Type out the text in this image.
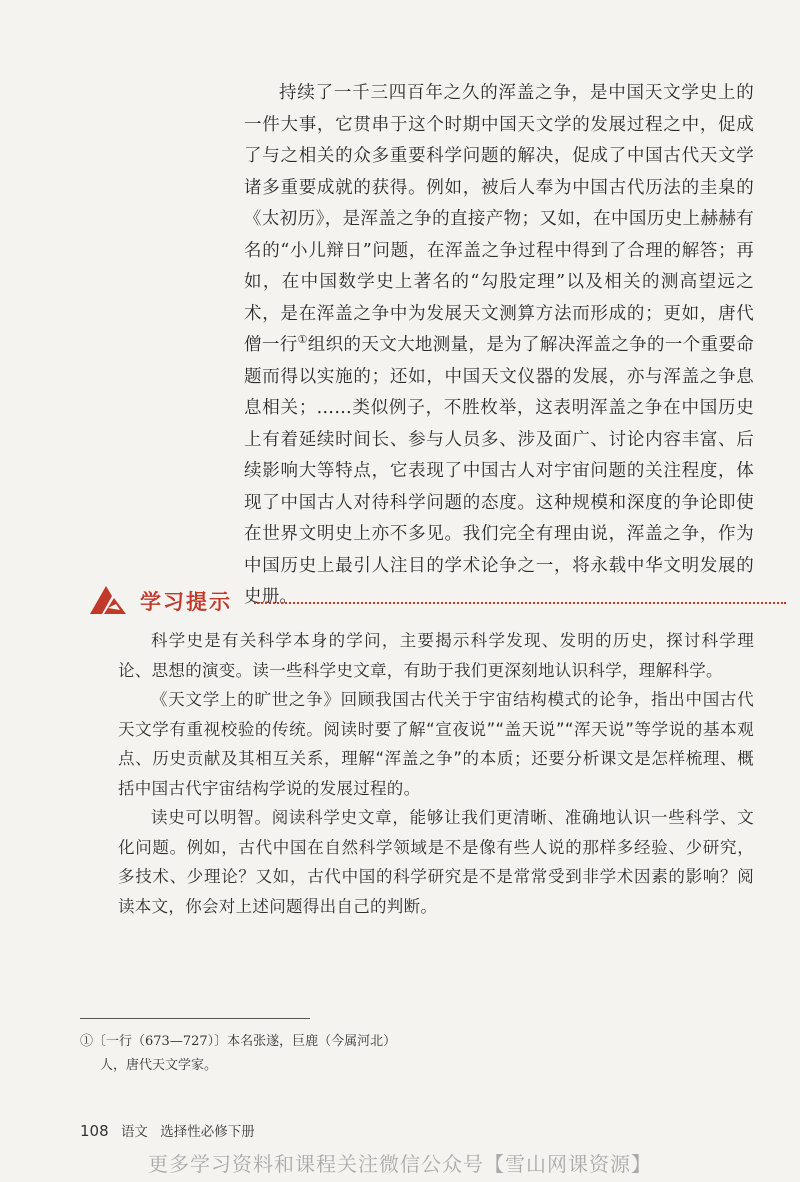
持续了一千三四百年之久的浑盖之争，是中国天文学史上的一件大事，它贯串于这个时期中国天文学的发展过程之中，促成了与之相关的众多重要科学问题的解决，促成了中国古代天文学诸多重要成就的获得。例如，被后人奉为中国古代历法的圭臬的《太初历》，是浑盖之争的直接产物；又如，在中国历史上赫赫有名的“小儿辩日”问题，在浑盖之争过程中得到了合理的解答；再如，在中国数学史上著名的“勾股定理”以及相关的测高望远之术，是在浑盖之争中为发展天文测算方法而形成的；更如，唐代僧一行①组织的天文大地测量，是为了解决浑盖之争的一个重要命题而得以实施的；还如，中国天文仪器的发展，亦与浑盖之争息息相关；……类似例子，不胜枚举，这表明浑盖之争在中国历史上有着延续时间长、参与人员多、涉及面广、讨论内容丰富、后续影响大等特点，它表现了中国古人对宇宙问题的关注程度，体现了中国古人对待科学问题的态度。这种规模和深度的争论即使在世界文明史上亦不多见。我们完全有理由说，浑盖之争，作为中国历史上最引人注目的学术论争之一，将永载中华文明发展的史册。

学习提示

科学史是有关科学本身的学问，主要揭示科学发现、发明的历史，探讨科学理论、思想的演变。读一些科学史文章，有助于我们更深刻地认识科学，理解科学。

《天文学上的旷世之争》回顾我国古代关于宇宙结构模式的论争，指出中国古代天文学有重视校验的传统。阅读时要了解“宣夜说”“盖天说”“浑天说”等学说的基本观点、历史贡献及其相互关系，理解“浑盖之争”的本质；还要分析课文是怎样梳理、概括中国古代宇宙结构学说的发展过程的。

读史可以明智。阅读科学史文章，能够让我们更清晰、准确地认识一些科学、文化问题。例如，古代中国在自然科学领域是不是像有些人说的那样多经验、少研究，多技术、少理论？又如，古代中国的科学研究是不是常常受到非学术因素的影响？阅读本文，你会对上述问题得出自己的判断。

①〔一行（673—727）〕本名张遂，巨鹿（今属河北）
人，唐代天文学家。
108 语文 选择性必修下册
更多学习资料和课程关注微信公众号【雪山网课资源】
